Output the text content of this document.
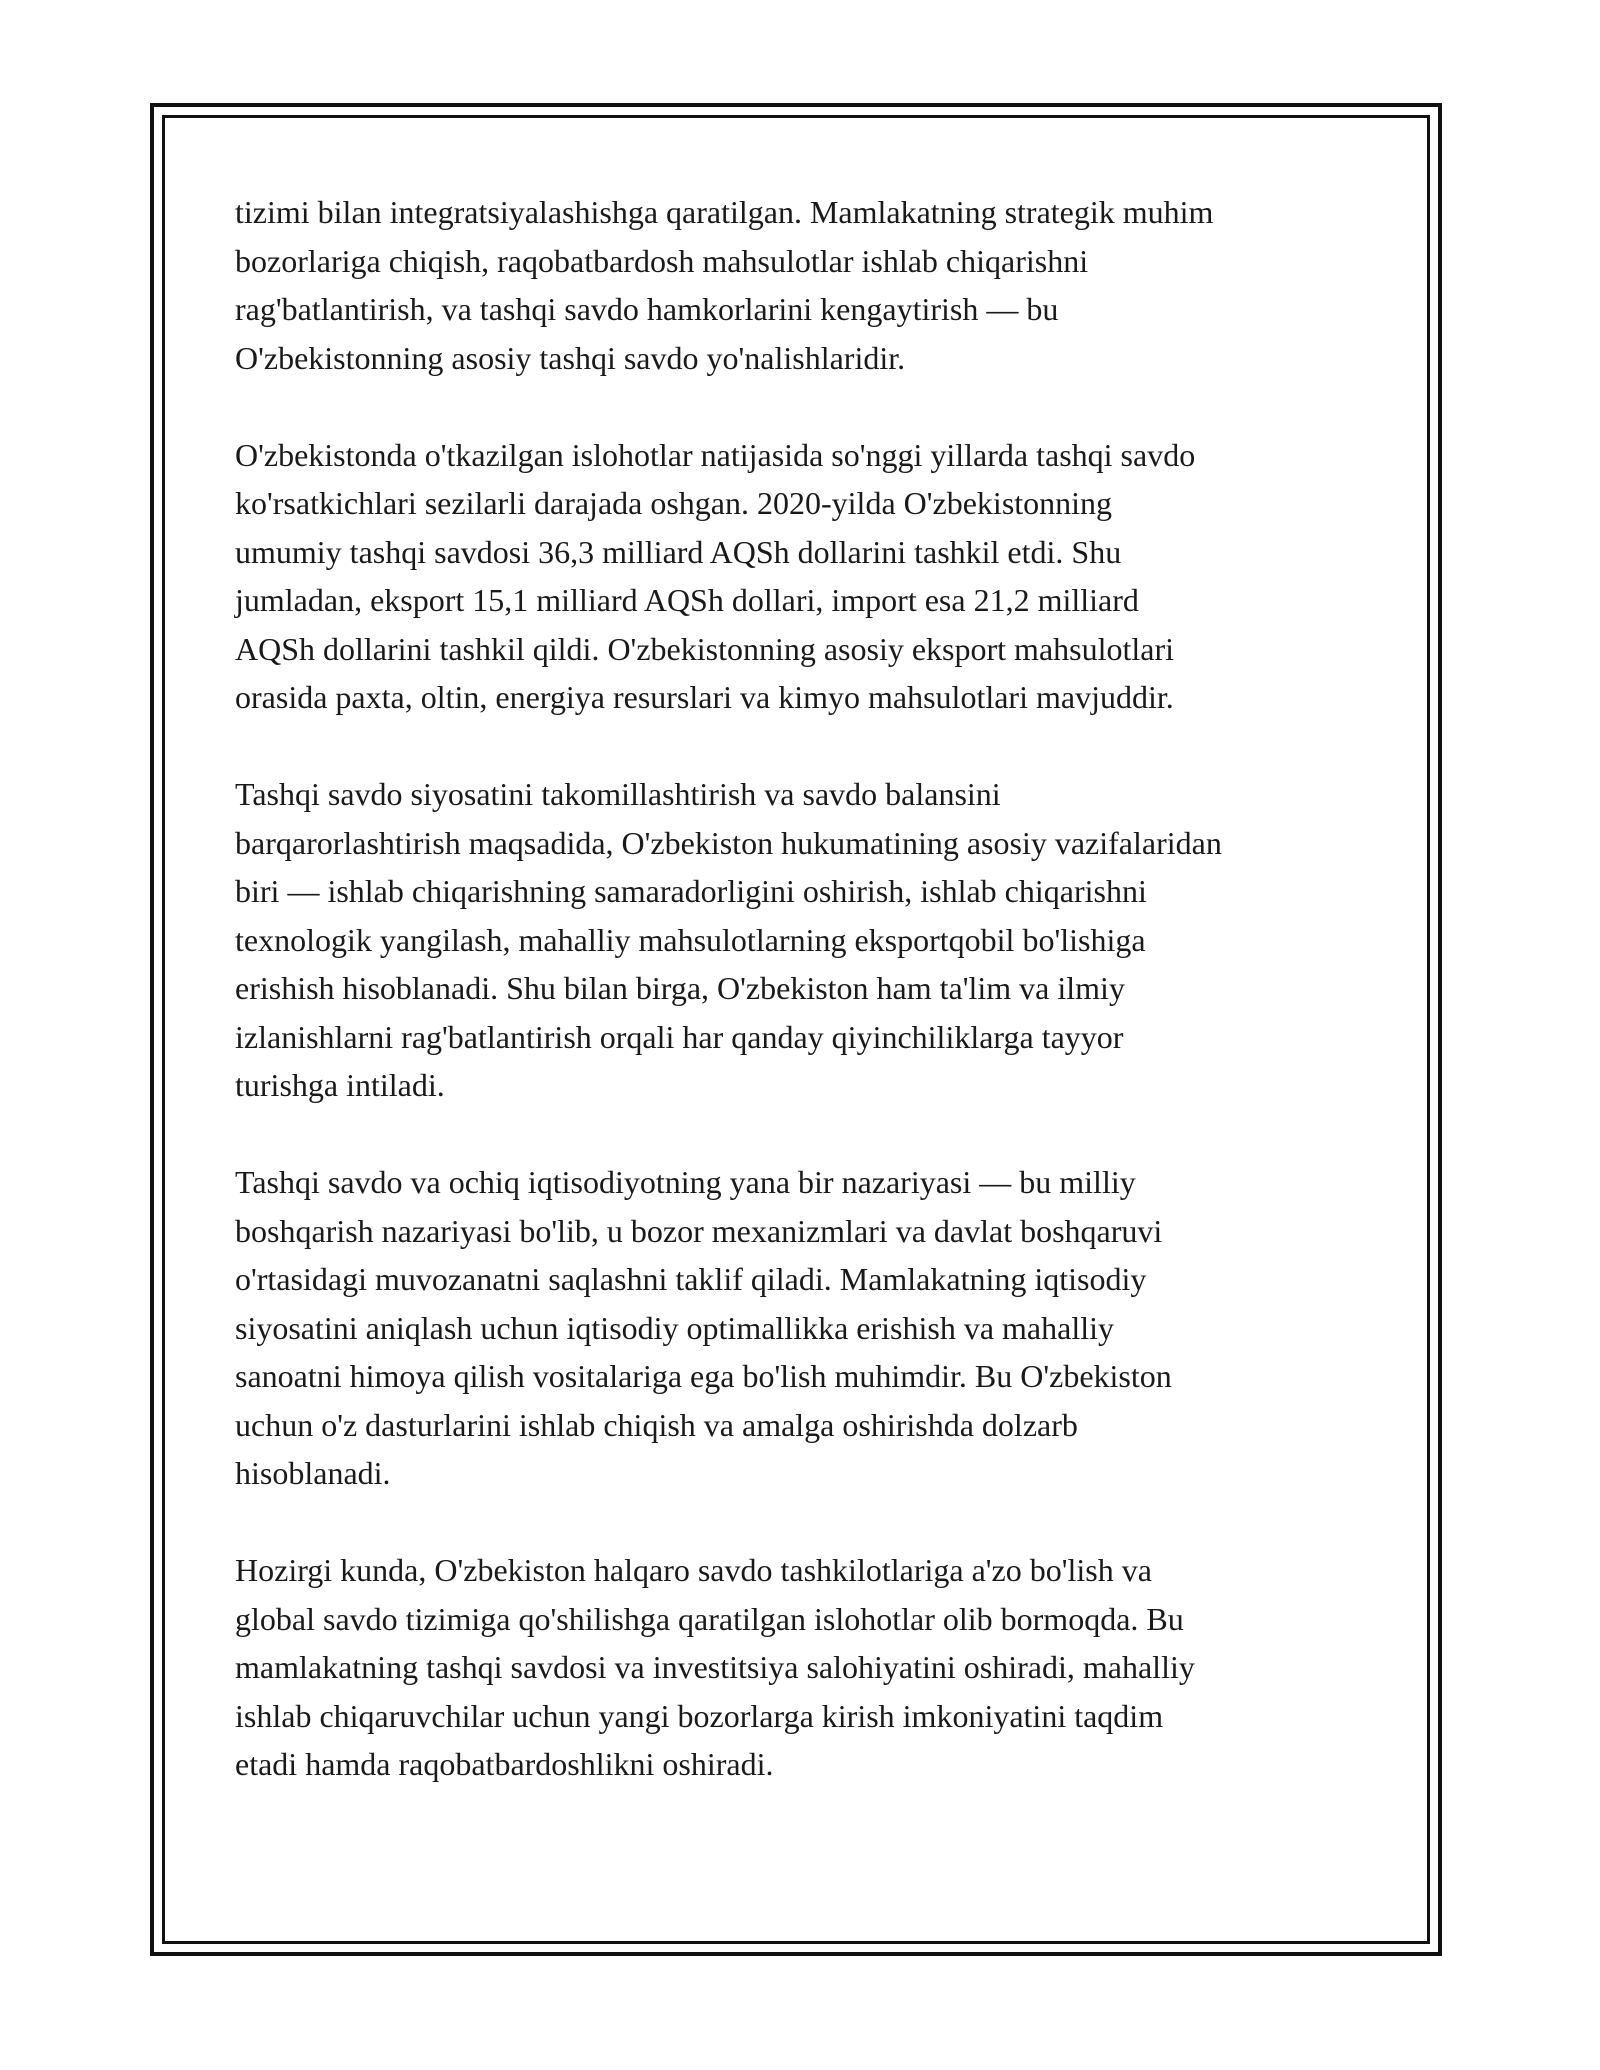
tizimi bilan integratsiyalashishga qaratilgan. Mamlakatning strategik muhim
bozorlariga chiqish, raqobatbardosh mahsulotlar ishlab chiqarishni
rag'batlantirish, va tashqi savdo hamkorlarini kengaytirish — bu
O'zbekistonning asosiy tashqi savdo yo'nalishlaridir.

O'zbekistonda o'tkazilgan islohotlar natijasida so'nggi yillarda tashqi savdo
ko'rsatkichlari sezilarli darajada oshgan. 2020-yilda O'zbekistonning
umumiy tashqi savdosi 36,3 milliard AQSh dollarini tashkil etdi. Shu
jumladan, eksport 15,1 milliard AQSh dollari, import esa 21,2 milliard
AQSh dollarini tashkil qildi. O'zbekistonning asosiy eksport mahsulotlari
orasida paxta, oltin, energiya resurslari va kimyo mahsulotlari mavjuddir.

Tashqi savdo siyosatini takomillashtirish va savdo balansini
barqarorlashtirish maqsadida, O'zbekiston hukumatining asosiy vazifalaridan
biri — ishlab chiqarishning samaradorligini oshirish, ishlab chiqarishni
texnologik yangilash, mahalliy mahsulotlarning eksportqobil bo'lishiga
erishish hisoblanadi. Shu bilan birga, O'zbekiston ham ta'lim va ilmiy
izlanishlarni rag'batlantirish orqali har qanday qiyinchiliklarga tayyor
turishga intiladi.

Tashqi savdo va ochiq iqtisodiyotning yana bir nazariyasi — bu milliy
boshqarish nazariyasi bo'lib, u bozor mexanizmlari va davlat boshqaruvi
o'rtasidagi muvozanatni saqlashni taklif qiladi. Mamlakatning iqtisodiy
siyosatini aniqlash uchun iqtisodiy optimallikka erishish va mahalliy
sanoatni himoya qilish vositalariga ega bo'lish muhimdir. Bu O'zbekiston
uchun o'z dasturlarini ishlab chiqish va amalga oshirishda dolzarb
hisoblanadi.

Hozirgi kunda, O'zbekiston halqaro savdo tashkilotlariga a'zo bo'lish va
global savdo tizimiga qo'shilishga qaratilgan islohotlar olib bormoqda. Bu
mamlakatning tashqi savdosi va investitsiya salohiyatini oshiradi, mahalliy
ishlab chiqaruvchilar uchun yangi bozorlarga kirish imkoniyatini taqdim
etadi hamda raqobatbardoshlikni oshiradi.
